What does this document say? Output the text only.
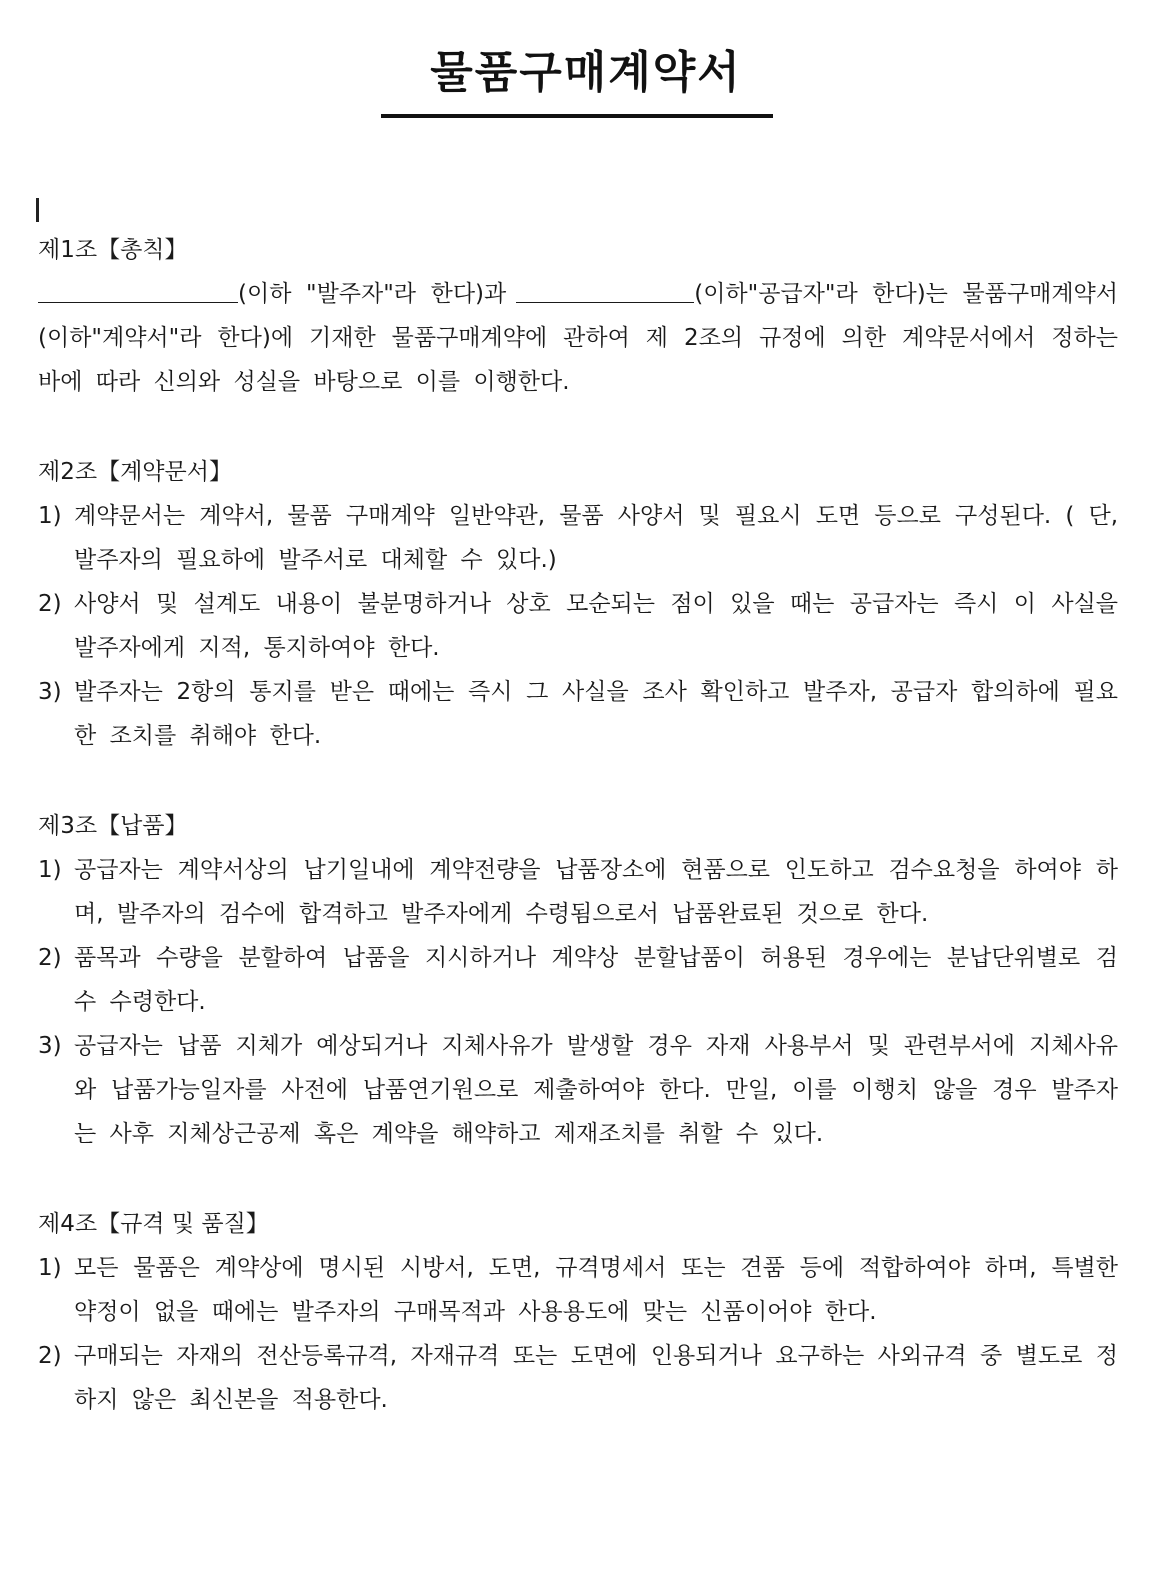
물품구매계약서

제1조【총칙】

(이하 "발주자"라 한다)과	(이하"공급자"라 한다)는 물품구매계약서(이하"계약서"라 한다)에 기재한 물품구매계약에 관하여 제 2조의 규정에 의한 계약문서에서 정하는 바에 따라 신의와 성실을 바탕으로 이를 이행한다.

제2조【계약문서】

1) 계약문서는 계약서, 물품 구매계약 일반약관, 물품 사양서 및 필요시 도면 등으로 구성된다. ( 단, 발주자의 필요하에 발주서로 대체할 수 있다.)
2) 사양서 및 설계도 내용이 불분명하거나 상호 모순되는 점이 있을 때는 공급자는 즉시 이 사실을 발주자에게 지적, 통지하여야 한다.
3) 발주자는 2항의 통지를 받은 때에는 즉시 그 사실을 조사 확인하고 발주자, 공급자 합의하에 필요한 조치를 취해야 한다.

제3조【납품】

1) 공급자는 계약서상의 납기일내에 계약전량을 납품장소에 현품으로 인도하고 검수요청을 하여야 하며, 발주자의 검수에 합격하고 발주자에게 수령됨으로서 납품완료된 것으로 한다.
2) 품목과 수량을 분할하여 납품을 지시하거나 계약상 분할납품이 허용된 경우에는 분납단위별로 검수 수령한다.
3) 공급자는 납품 지체가 예상되거나 지체사유가 발생할 경우 자재 사용부서 및 관련부서에 지체사유와 납품가능일자를 사전에 납품연기원으로 제출하여야 한다. 만일, 이를 이행치 않을 경우 발주자는 사후 지체상근공제 혹은 계약을 해약하고 제재조치를 취할 수 있다.

제4조【규격 및 품질】

1) 모든 물품은 계약상에 명시된 시방서, 도면, 규격명세서 또는 견품 등에 적합하여야 하며, 특별한 약정이 없을 때에는 발주자의 구매목적과 사용용도에 맞는 신품이어야 한다.
2) 구매되는 자재의 전산등록규격, 자재규격 또는 도면에 인용되거나 요구하는 사외규격 중 별도로 정하지 않은 최신본을 적용한다.
